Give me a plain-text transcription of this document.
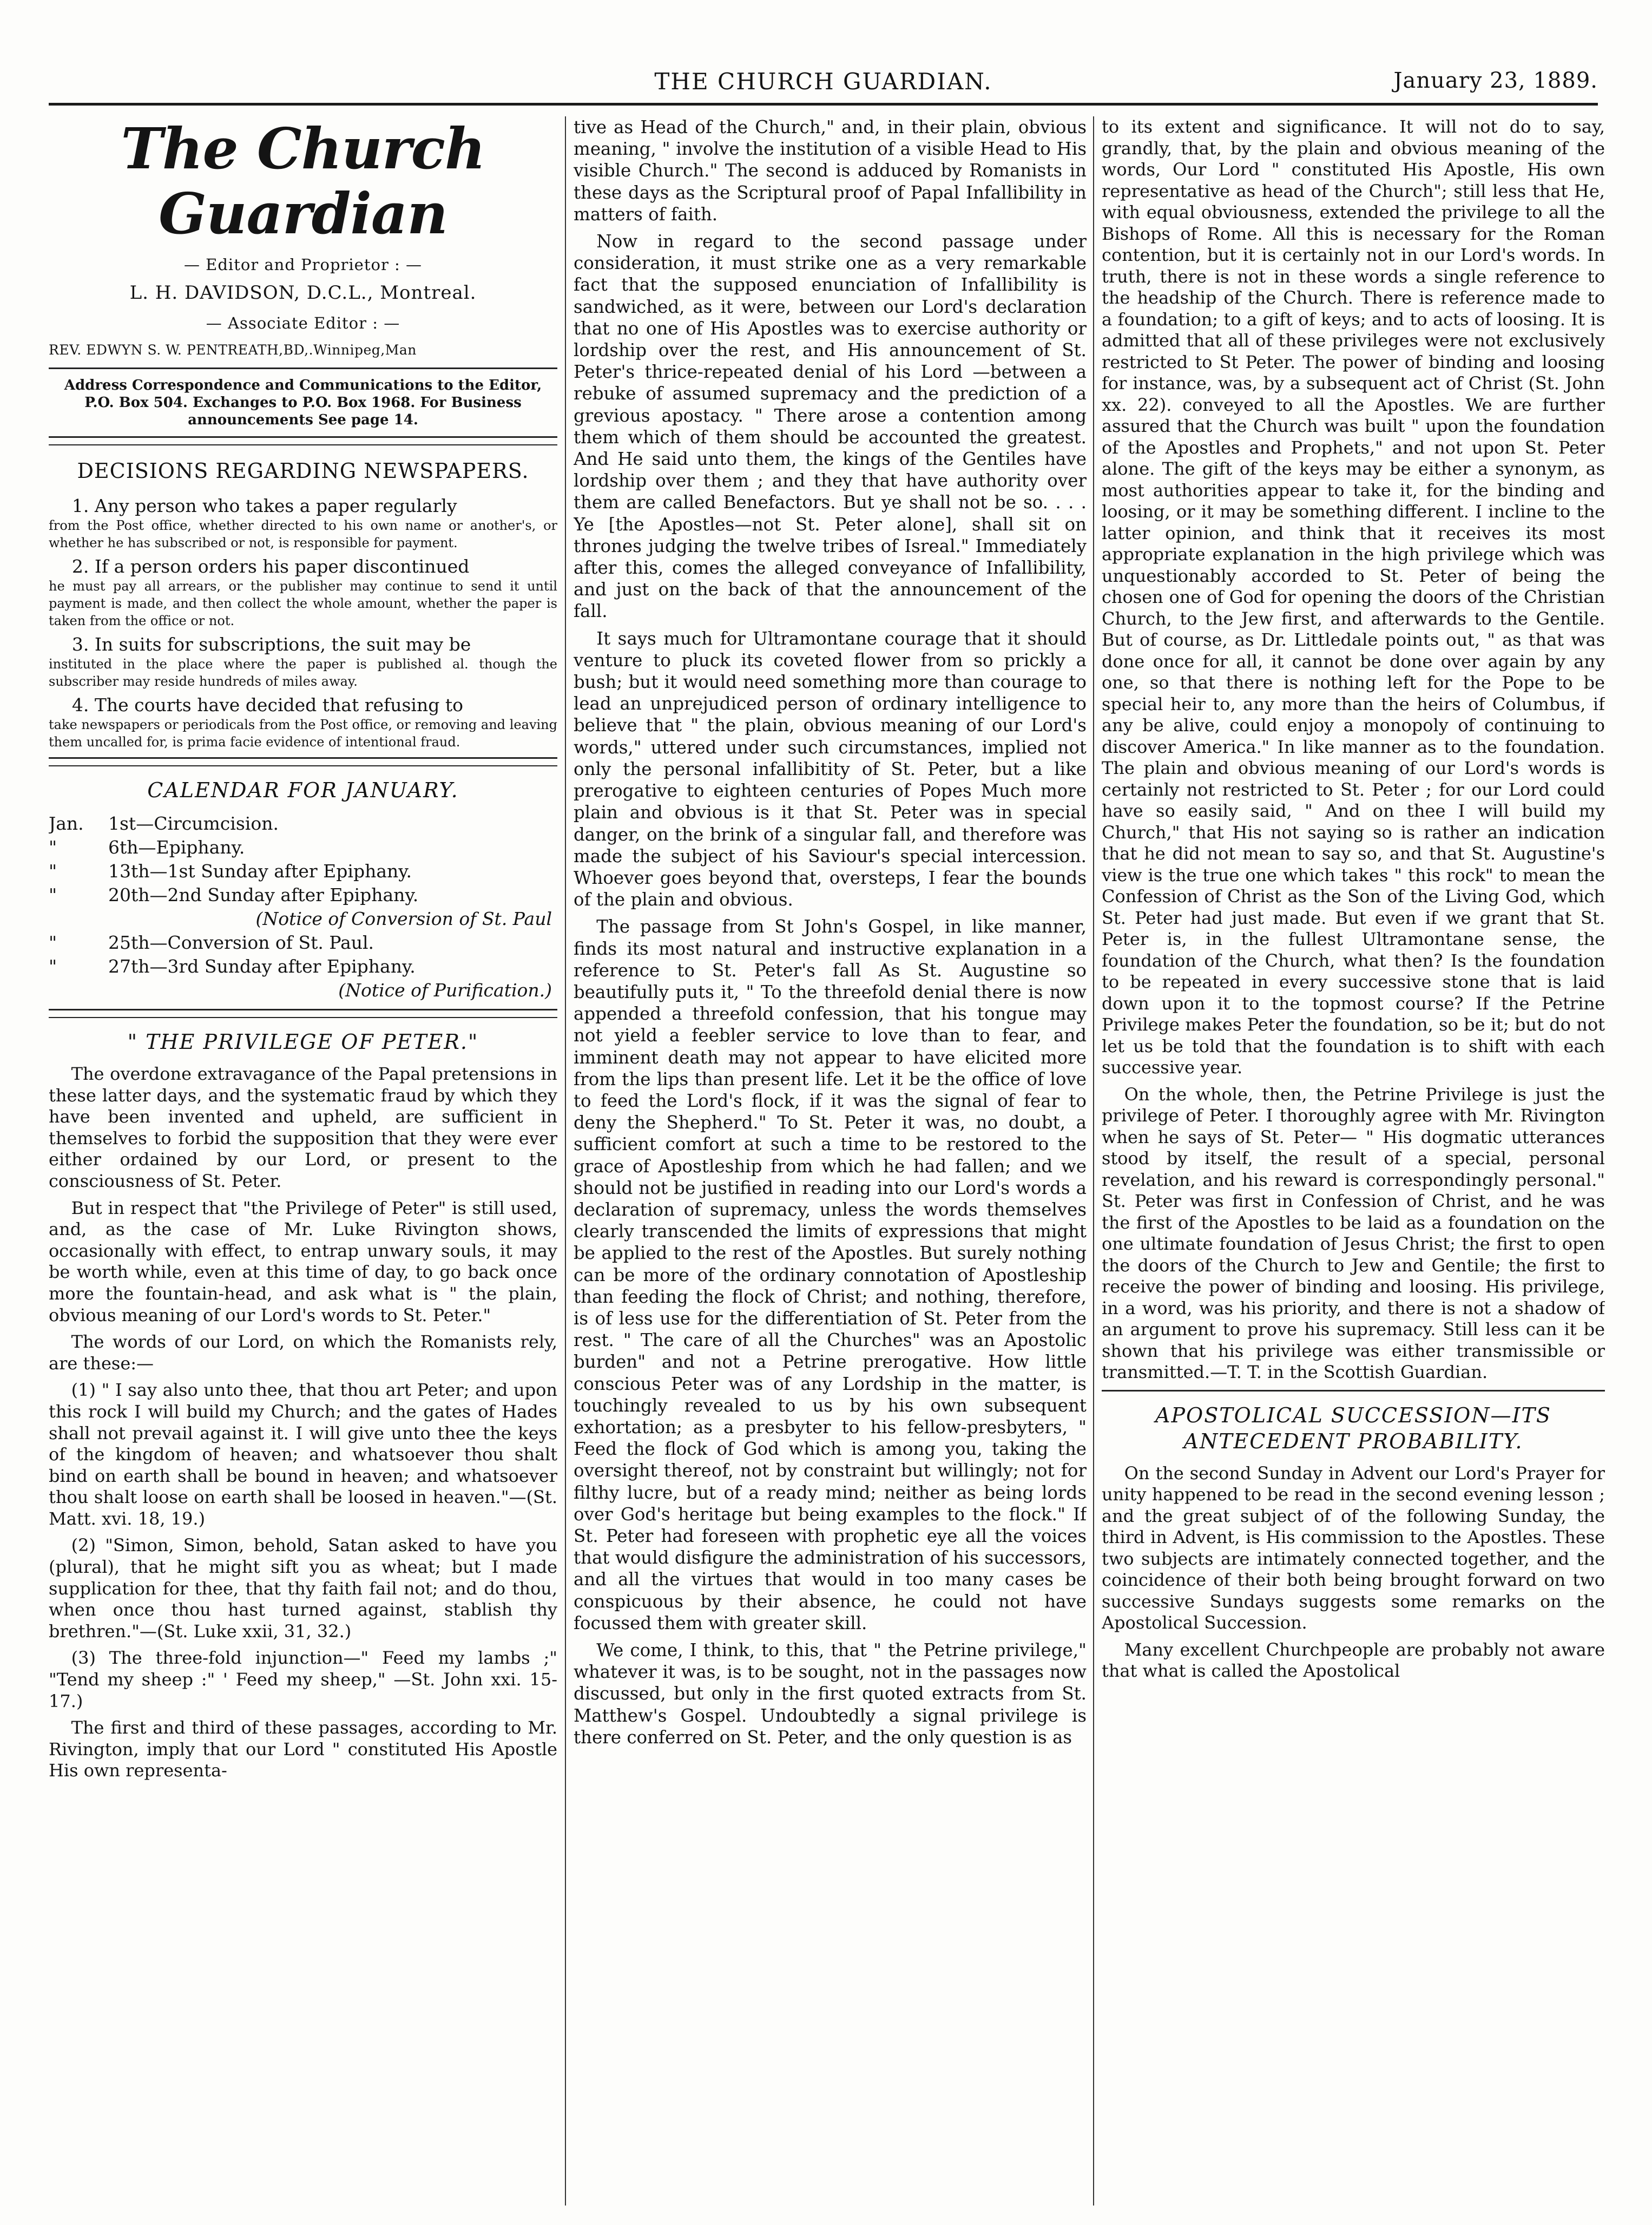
THE CHURCH GUARDIAN.	January 23, 1889.
The Church Guardian
— Editor and Proprietor : —
L. H. DAVIDSON, D.C.L., Montreal.
— Associate Editor : —
REV. EDWYN S. W. PENTREATH,BD,.Winnipeg,Man
Address Correspondence and Communications to the Editor, P.O. Box 504. Exchanges to P.O. Box 1968. For Business announcements See page 14.
DECISIONS REGARDING NEWSPAPERS.
1. Any person who takes a paper regularly
from the Post office, whether directed to his own name or another's, or whether he has subscribed or not, is responsible for payment.
2. If a person orders his paper discontinued
he must pay all arrears, or the publisher may continue to send it until payment is made, and then collect the whole amount, whether the paper is taken from the office or not.
3. In suits for subscriptions, the suit may be
instituted in the place where the paper is published al. though the subscriber may reside hundreds of miles away.
4. The courts have decided that refusing to
take newspapers or periodicals from the Post office, or removing and leaving them uncalled for, is prima facie evidence of intentional fraud.
CALENDAR FOR JANUARY.
Jan.	1st—Circumcision.
"	6th—Epiphany.
"	13th—1st Sunday after Epiphany.
"	20th—2nd Sunday after Epiphany.
(Notice of Conversion of St. Paul
"	25th—Conversion of St. Paul.
"	27th—3rd Sunday after Epiphany.
(Notice of Purification.)
" THE PRIVILEGE OF PETER."

The overdone extravagance of the Papal pretensions in these latter days, and the systematic fraud by which they have been invented and upheld, are sufficient in themselves to forbid the supposition that they were ever either ordained by our Lord, or present to the consciousness of St. Peter.

But in respect that "the Privilege of Peter" is still used, and, as the case of Mr. Luke Rivington shows, occasionally with effect, to entrap unwary souls, it may be worth while, even at this time of day, to go back once more the fountain-head, and ask what is " the plain, obvious meaning of our Lord's words to St. Peter."

The words of our Lord, on which the Romanists rely, are these:—

(1) " I say also unto thee, that thou art Peter; and upon this rock I will build my Church; and the gates of Hades shall not prevail against it. I will give unto thee the keys of the kingdom of heaven; and whatsoever thou shalt bind on earth shall be bound in heaven; and whatsoever thou shalt loose on earth shall be loosed in heaven."—(St. Matt. xvi. 18, 19.)

(2) "Simon, Simon, behold, Satan asked to have you (plural), that he might sift you as wheat; but I made supplication for thee, that thy faith fail not; and do thou, when once thou hast turned against, stablish thy brethren."—(St. Luke xxii, 31, 32.)

(3) The three-fold injunction—" Feed my lambs ;" "Tend my sheep :" ' Feed my sheep," —St. John xxi. 15-17.)

The first and third of these passages, according to Mr. Rivington, imply that our Lord " constituted His Apostle His own representa-

tive as Head of the Church," and, in their plain, obvious meaning, " involve the institution of a visible Head to His visible Church." The second is adduced by Romanists in these days as the Scriptural proof of Papal Infallibility in matters of faith.

Now in regard to the second passage under consideration, it must strike one as a very remarkable fact that the supposed enunciation of Infallibility is sandwiched, as it were, between our Lord's declaration that no one of His Apostles was to exercise authority or lordship over the rest, and His announcement of St. Peter's thrice-repeated denial of his Lord —between a rebuke of assumed supremacy and the prediction of a grevious apostacy. " There arose a contention among them which of them should be accounted the greatest. And He said unto them, the kings of the Gentiles have lordship over them ; and they that have authority over them are called Benefactors. But ye shall not be so. . . . Ye [the Apostles—not St. Peter alone], shall sit on thrones judging the twelve tribes of Isreal." Immediately after this, comes the alleged conveyance of Infallibility, and just on the back of that the announcement of the fall.

It says much for Ultramontane courage that it should venture to pluck its coveted flower from so prickly a bush; but it would need something more than courage to lead an unprejudiced person of ordinary intelligence to believe that " the plain, obvious meaning of our Lord's words," uttered under such circumstances, implied not only the personal infallibitity of St. Peter, but a like prerogative to eighteen centuries of Popes Much more plain and obvious is it that St. Peter was in special danger, on the brink of a singular fall, and therefore was made the subject of his Saviour's special intercession. Whoever goes beyond that, oversteps, I fear the bounds of the plain and obvious.

The passage from St John's Gospel, in like manner, finds its most natural and instructive explanation in a reference to St. Peter's fall As St. Augustine so beautifully puts it, " To the threefold denial there is now appended a threefold confession, that his tongue may not yield a feebler service to love than to fear, and imminent death may not appear to have elicited more from the lips than present life. Let it be the office of love to feed the Lord's flock, if it was the signal of fear to deny the Shepherd." To St. Peter it was, no doubt, a sufficient comfort at such a time to be restored to the grace of Apostleship from which he had fallen; and we should not be justified in reading into our Lord's words a declaration of supremacy, unless the words themselves clearly transcended the limits of expressions that might be applied to the rest of the Apostles. But surely nothing can be more of the ordinary connotation of Apostleship than feeding the flock of Christ; and nothing, therefore, is of less use for the differentiation of St. Peter from the rest. " The care of all the Churches" was an Apostolic burden" and not a Petrine prerogative. How little conscious Peter was of any Lordship in the matter, is touchingly revealed to us by his own subsequent exhortation; as a presbyter to his fellow-presbyters, " Feed the flock of God which is among you, taking the oversight thereof, not by constraint but willingly; not for filthy lucre, but of a ready mind; neither as being lords over God's heritage but being examples to the flock." If St. Peter had foreseen with prophetic eye all the voices that would disfigure the administration of his successors, and all the virtues that would in too many cases be conspicuous by their absence, he could not have focussed them with greater skill.

We come, I think, to this, that " the Petrine privilege," whatever it was, is to be sought, not in the passages now discussed, but only in the first quoted extracts from St. Matthew's Gospel. Undoubtedly a signal privilege is there conferred on St. Peter, and the only question is as

to its extent and significance. It will not do to say, grandly, that, by the plain and obvious meaning of the words, Our Lord " constituted His Apostle, His own representative as head of the Church"; still less that He, with equal obviousness, extended the privilege to all the Bishops of Rome. All this is necessary for the Roman contention, but it is certainly not in our Lord's words. In truth, there is not in these words a single reference to the headship of the Church. There is reference made to a foundation; to a gift of keys; and to acts of loosing. It is admitted that all of these privileges were not exclusively restricted to St Peter. The power of binding and loosing for instance, was, by a subsequent act of Christ (St. John xx. 22). conveyed to all the Apostles. We are further assured that the Church was built " upon the foundation of the Apostles and Prophets," and not upon St. Peter alone. The gift of the keys may be either a synonym, as most authorities appear to take it, for the binding and loosing, or it may be something different. I incline to the latter opinion, and think that it receives its most appropriate explanation in the high privilege which was unquestionably accorded to St. Peter of being the chosen one of God for opening the doors of the Christian Church, to the Jew first, and afterwards to the Gentile. But of course, as Dr. Littledale points out, " as that was done once for all, it cannot be done over again by any one, so that there is nothing left for the Pope to be special heir to, any more than the heirs of Columbus, if any be alive, could enjoy a monopoly of continuing to discover America." In like manner as to the foundation. The plain and obvious meaning of our Lord's words is certainly not restricted to St. Peter ; for our Lord could have so easily said, " And on thee I will build my Church," that His not saying so is rather an indication that he did not mean to say so, and that St. Augustine's view is the true one which takes " this rock" to mean the Confession of Christ as the Son of the Living God, which St. Peter had just made. But even if we grant that St. Peter is, in the fullest Ultramontane sense, the foundation of the Church, what then? Is the foundation to be repeated in every successive stone that is laid down upon it to the topmost course? If the Petrine Privilege makes Peter the foundation, so be it; but do not let us be told that the foundation is to shift with each successive year.

On the whole, then, the Petrine Privilege is just the privilege of Peter. I thoroughly agree with Mr. Rivington when he says of St. Peter— " His dogmatic utterances stood by itself, the result of a special, personal revelation, and his reward is correspondingly personal." St. Peter was first in Confession of Christ, and he was the first of the Apostles to be laid as a foundation on the one ultimate foundation of Jesus Christ; the first to open the doors of the Church to Jew and Gentile; the first to receive the power of binding and loosing. His privilege, in a word, was his priority, and there is not a shadow of an argument to prove his supremacy. Still less can it be shown that his privilege was either transmissible or transmitted.—T. T. in the Scottish Guardian.

APOSTOLICAL SUCCESSION—ITS
ANTECEDENT PROBABILITY.

On the second Sunday in Advent our Lord's Prayer for unity happened to be read in the second evening lesson ; and the great subject of of the following Sunday, the third in Advent, is His commission to the Apostles. These two subjects are intimately connected together, and the coincidence of their both being brought forward on two successive Sundays suggests some remarks on the Apostolical Succession.

Many excellent Churchpeople are probably not aware that what is called the Apostolical
